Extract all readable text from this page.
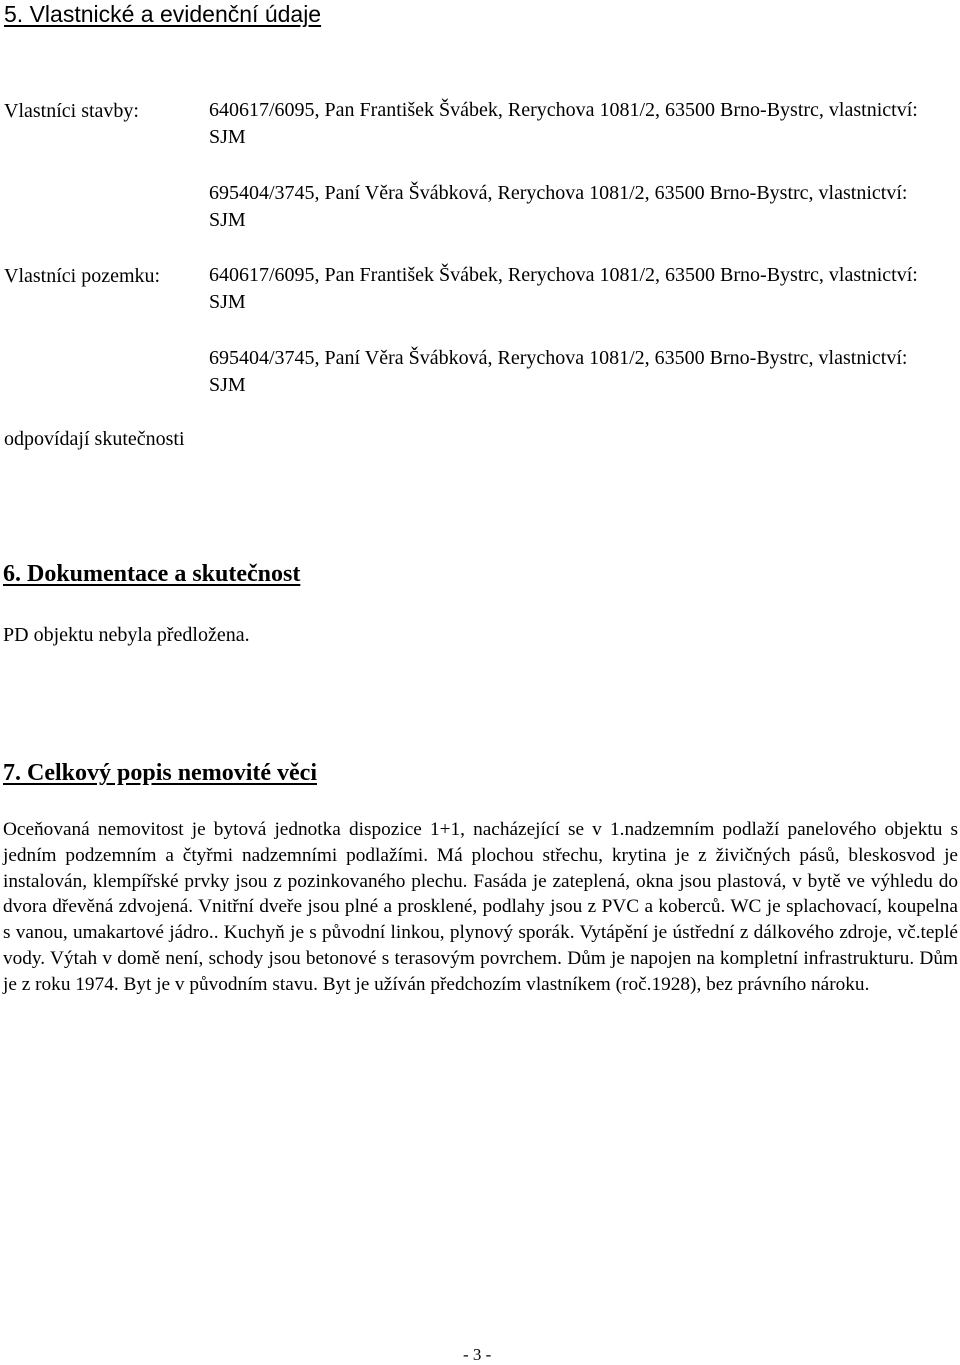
5. Vlastnické a evidenční údaje
Vlastníci stavby:	640617/6095, Pan František Švábek, Rerychova 1081/2, 63500 Brno-Bystrc, vlastnictví: SJM
695404/3745, Paní Věra Švábková, Rerychova 1081/2, 63500 Brno-Bystrc, vlastnictví: SJM
Vlastníci pozemku: 640617/6095, Pan František Švábek, Rerychova 1081/2, 63500 Brno-Bystrc, vlastnictví: SJM
695404/3745, Paní Věra Švábková, Rerychova 1081/2, 63500 Brno-Bystrc, vlastnictví: SJM
odpovídají skutečnosti
6. Dokumentace a skutečnost
PD objektu nebyla předložena.
7. Celkový popis nemovité věci
Oceňovaná nemovitost je bytová jednotka dispozice 1+1, nacházející se v 1.nadzemním podlaží panelového objektu s jedním podzemním a čtyřmi nadzemními podlažími. Má plochou střechu, krytina je z živičných pásů, bleskosvod je instalován, klempířské prvky jsou z pozinkovaného plechu. Fasáda je zateplená, okna jsou plastová, v bytě ve výhledu do dvora dřevěná zdvojená. Vnitřní dveře jsou plné a prosklené, podlahy jsou z PVC a koberců. WC je splachovací, koupelna s vanou, umakartové jádro.. Kuchyň je s původní linkou, plynový sporák. Vytápění je ústřední z dálkového zdroje, vč.teplé vody. Výtah v domě není, schody jsou betonové s terasovým povrchem. Dům je napojen na kompletní infrastrukturu. Dům je z roku 1974. Byt je v původním stavu. Byt je užíván předchozím vlastníkem (roč.1928), bez právního nároku.
- 3 -
